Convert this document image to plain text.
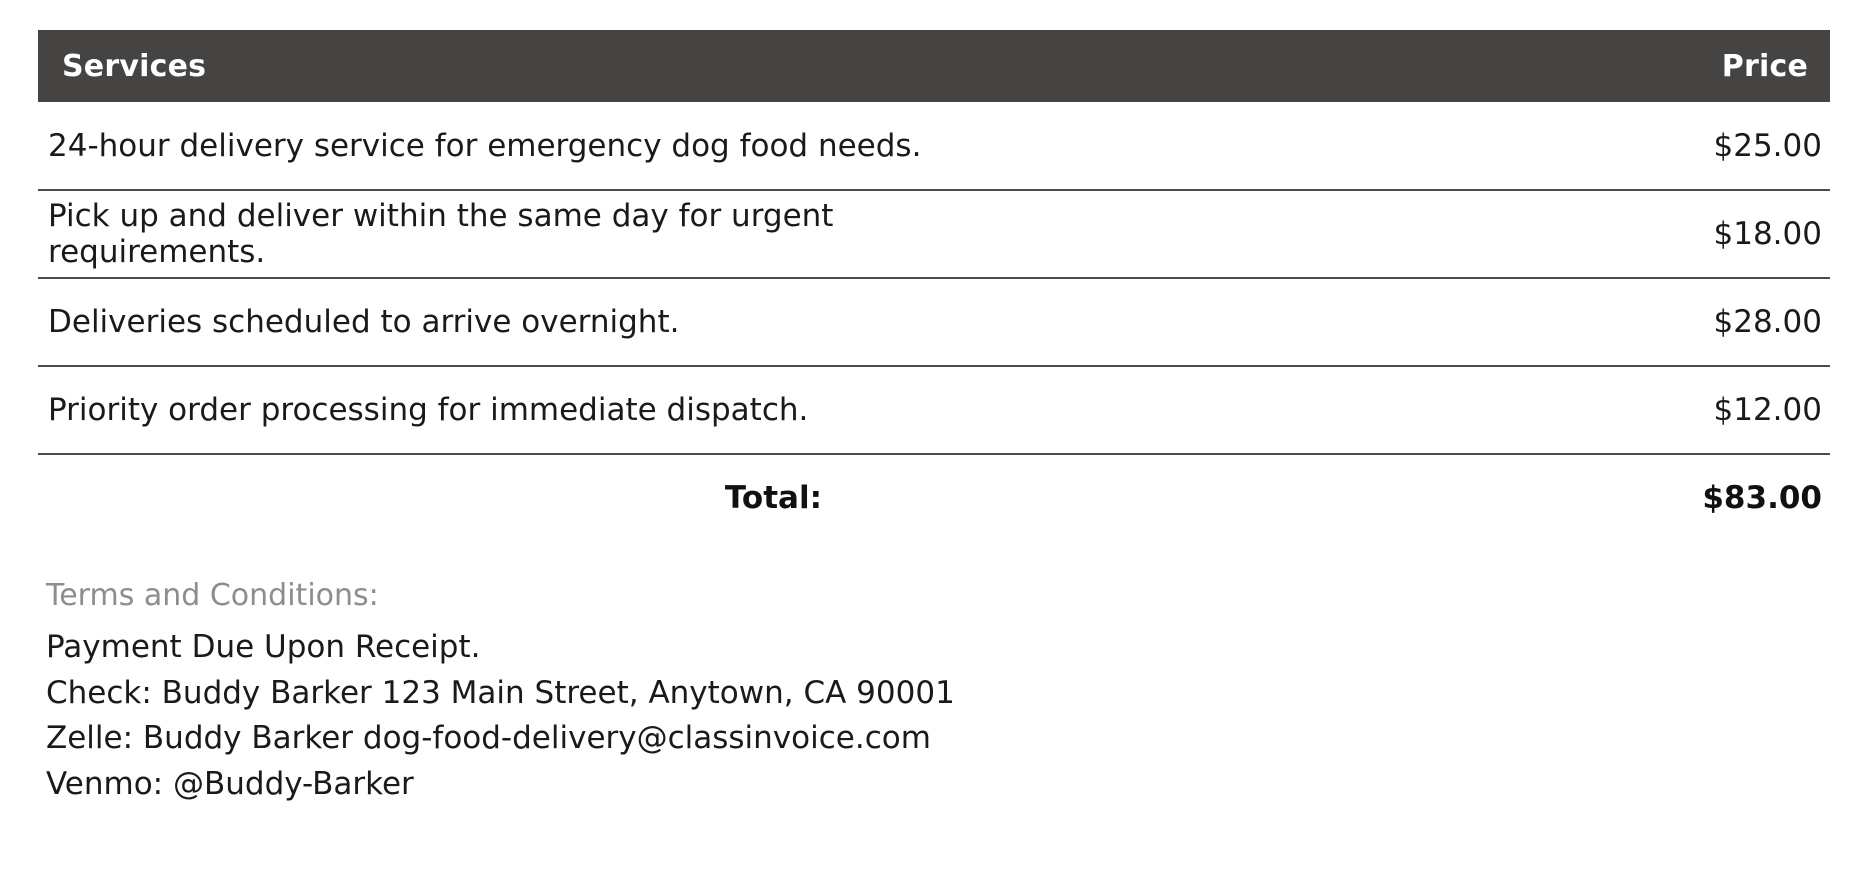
Services	Price
24-hour delivery service for emergency dog food needs.	$25.00
Pick up and deliver within the same day for urgent requirements.	$18.00
Deliveries scheduled to arrive overnight.	$28.00
Priority order processing for immediate dispatch.	$12.00
Total:	$83.00
Terms and Conditions:
Payment Due Upon Receipt.
Check: Buddy Barker 123 Main Street, Anytown, CA 90001
Zelle: Buddy Barker dog-food-delivery@classinvoice.com
Venmo: @Buddy-Barker
